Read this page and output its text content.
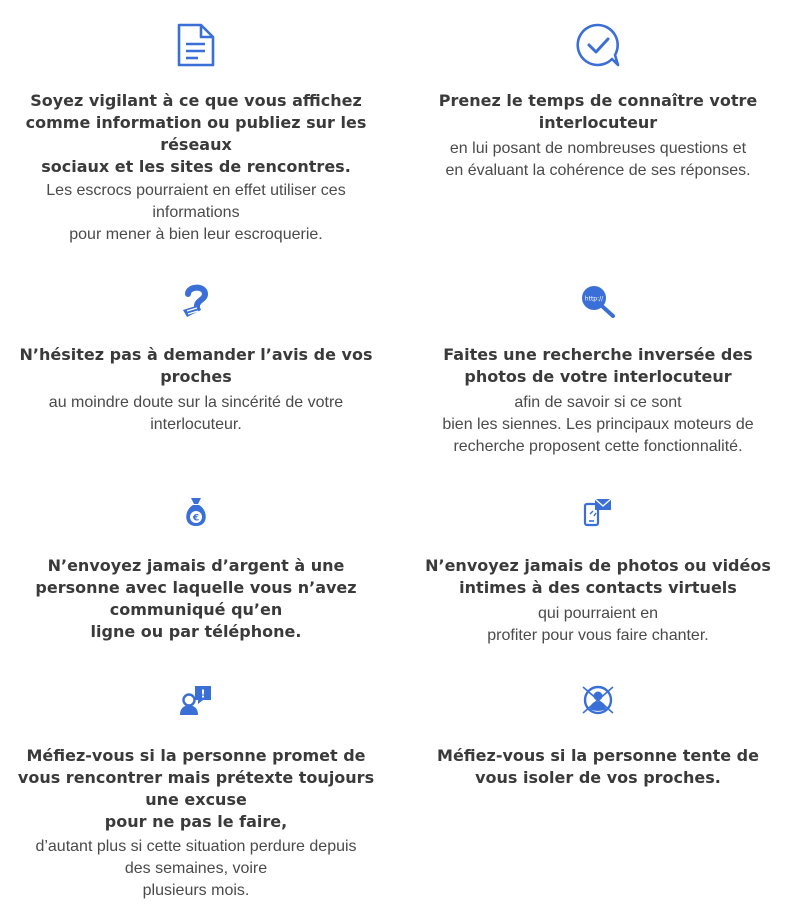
Soyez vigilant à ce que vous affichez
comme information ou publiez sur les
réseaux
sociaux et les sites de rencontres.
Les escrocs pourraient en effet utiliser ces
informations
pour mener à bien leur escroquerie.
Prenez le temps de connaître votre
interlocuteur
en lui posant de nombreuses questions et
en évaluant la cohérence de ses réponses.
N’hésitez pas à demander l’avis de vos
proches
au moindre doute sur la sincérité de votre
interlocuteur.
http://
Faites une recherche inversée des
photos de votre interlocuteur
afin de savoir si ce sont
bien les siennes. Les principaux moteurs de
recherche proposent cette fonctionnalité.
€
N’envoyez jamais d’argent à une
personne avec laquelle vous n’avez
communiqué qu’en
ligne ou par téléphone.
N’envoyez jamais de photos ou vidéos
intimes à des contacts virtuels
qui pourraient en
profiter pour vous faire chanter.
!
Méfiez-vous si la personne promet de
vous rencontrer mais prétexte toujours
une excuse
pour ne pas le faire,
d’autant plus si cette situation perdure depuis
des semaines, voire
plusieurs mois.
Méfiez-vous si la personne tente de
vous isoler de vos proches.
